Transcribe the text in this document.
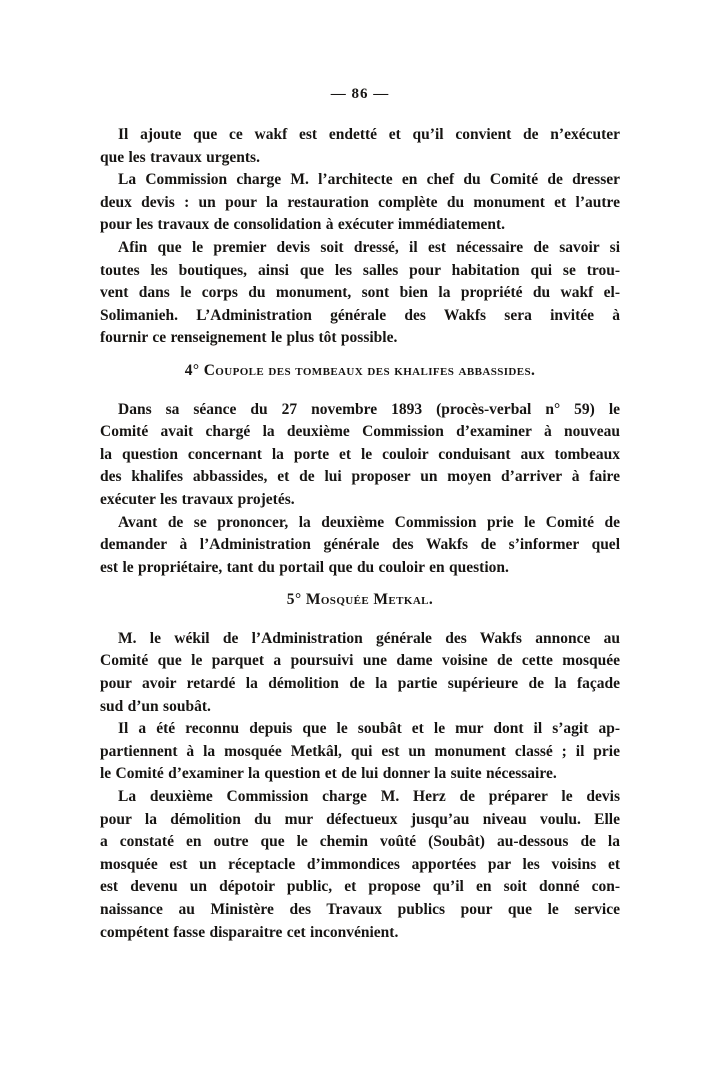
— 86 —

Il ajoute que ce wakf est endetté et qu’il convient de n’exécuter
que les travaux urgents.

La Commission charge M. l’architecte en chef du Comité de dresser
deux devis : un pour la restauration complète du monument et l’autre
pour les travaux de consolidation à exécuter immédiatement.

Afin que le premier devis soit dressé, il est nécessaire de savoir si
toutes les boutiques, ainsi que les salles pour habitation qui se trou-
vent dans le corps du monument, sont bien la propriété du wakf el-
Solimanieh. L’Administration générale des Wakfs sera invitée à
fournir ce renseignement le plus tôt possible.

4° Coupole des tombeaux des khalifes abbassides.

Dans sa séance du 27 novembre 1893 (procès-verbal n° 59) le
Comité avait chargé la deuxième Commission d’examiner à nouveau
la question concernant la porte et le couloir conduisant aux tombeaux
des khalifes abbassides, et de lui proposer un moyen d’arriver à faire
exécuter les travaux projetés.

Avant de se prononcer, la deuxième Commission prie le Comité de
demander à l’Administration générale des Wakfs de s’informer quel
est le propriétaire, tant du portail que du couloir en question.

5° Mosquée Metkal.

M. le wékil de l’Administration générale des Wakfs annonce au
Comité que le parquet a poursuivi une dame voisine de cette mosquée
pour avoir retardé la démolition de la partie supérieure de la façade
sud d’un soubât.

Il a été reconnu depuis que le soubât et le mur dont il s’agit ap-
partiennent à la mosquée Metkâl, qui est un monument classé ; il prie
le Comité d’examiner la question et de lui donner la suite nécessaire.

La deuxième Commission charge M. Herz de préparer le devis
pour la démolition du mur défectueux jusqu’au niveau voulu. Elle
a constaté en outre que le chemin voûté (Soubât) au-dessous de la
mosquée est un réceptacle d’immondices apportées par les voisins et
est devenu un dépotoir public, et propose qu’il en soit donné con-
naissance au Ministère des Travaux publics pour que le service
compétent fasse disparaitre cet inconvénient.
